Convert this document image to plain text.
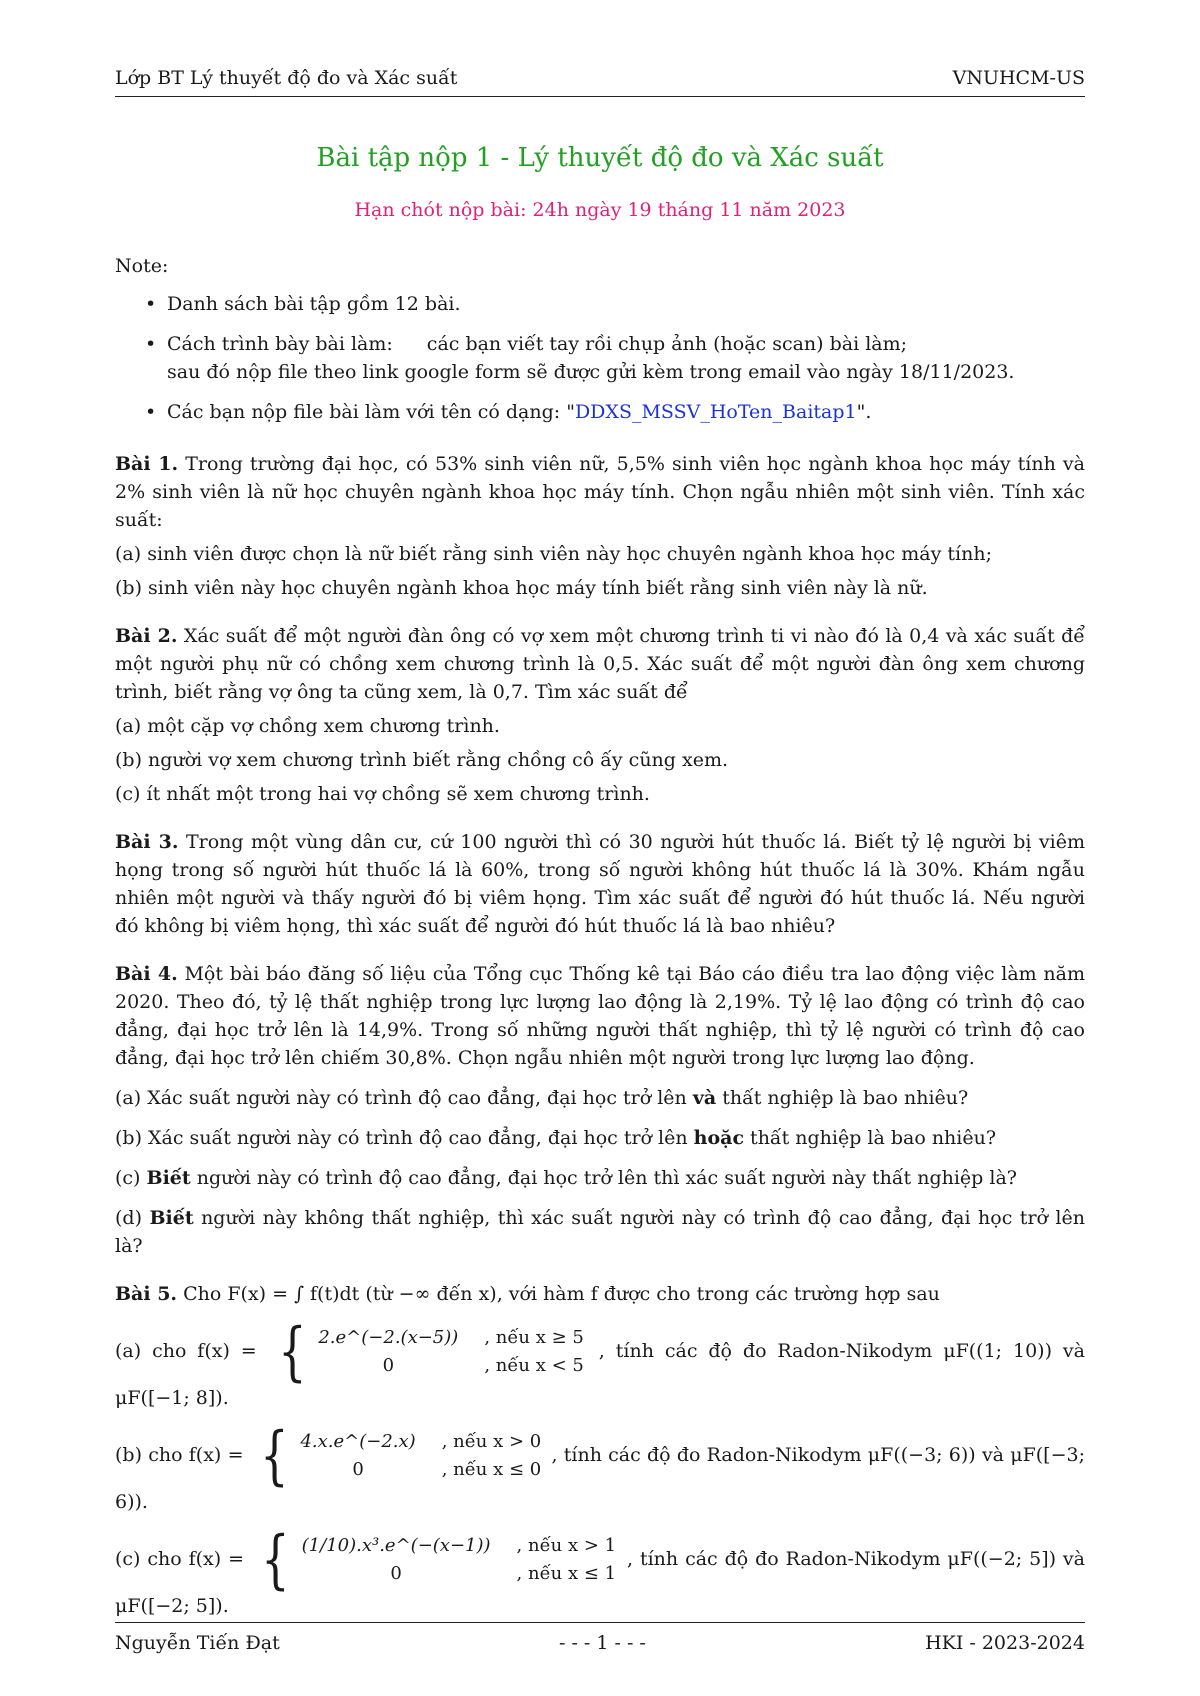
Lớp BT Lý thuyết độ đo và Xác suất	VNUHCM-US
Bài tập nộp 1 - Lý thuyết độ đo và Xác suất
Hạn chót nộp bài: 24h ngày 19 tháng 11 năm 2023
Note:
• Danh sách bài tập gồm 12 bài.
• Cách trình bày bài làm: các bạn viết tay rồi chụp ảnh (hoặc scan) bài làm;
sau đó nộp file theo link google form sẽ được gửi kèm trong email vào ngày 18/11/2023.
• Các bạn nộp file bài làm với tên có dạng: "DDXS_MSSV_HoTen_Baitap1".
Bài 1. Trong trường đại học, có 53% sinh viên nữ, 5,5% sinh viên học ngành khoa học máy tính và 2% sinh viên là nữ học chuyên ngành khoa học máy tính. Chọn ngẫu nhiên một sinh viên. Tính xác suất:
(a) sinh viên được chọn là nữ biết rằng sinh viên này học chuyên ngành khoa học máy tính;
(b) sinh viên này học chuyên ngành khoa học máy tính biết rằng sinh viên này là nữ.
Bài 2. Xác suất để một người đàn ông có vợ xem một chương trình ti vi nào đó là 0,4 và xác suất để một người phụ nữ có chồng xem chương trình là 0,5. Xác suất để một người đàn ông xem chương trình, biết rằng vợ ông ta cũng xem, là 0,7. Tìm xác suất để
(a) một cặp vợ chồng xem chương trình.
(b) người vợ xem chương trình biết rằng chồng cô ấy cũng xem.
(c) ít nhất một trong hai vợ chồng sẽ xem chương trình.
Bài 3. Trong một vùng dân cư, cứ 100 người thì có 30 người hút thuốc lá. Biết tỷ lệ người bị viêm họng trong số người hút thuốc lá là 60%, trong số người không hút thuốc lá là 30%. Khám ngẫu nhiên một người và thấy người đó bị viêm họng. Tìm xác suất để người đó hút thuốc lá. Nếu người đó không bị viêm họng, thì xác suất để người đó hút thuốc lá là bao nhiêu?
Bài 4. Một bài báo đăng số liệu của Tổng cục Thống kê tại Báo cáo điều tra lao động việc làm năm 2020. Theo đó, tỷ lệ thất nghiệp trong lực lượng lao động là 2,19%. Tỷ lệ lao động có trình độ cao đẳng, đại học trở lên là 14,9%. Trong số những người thất nghiệp, thì tỷ lệ người có trình độ cao đẳng, đại học trở lên chiếm 30,8%. Chọn ngẫu nhiên một người trong lực lượng lao động.
(a) Xác suất người này có trình độ cao đẳng, đại học trở lên và thất nghiệp là bao nhiêu?
(b) Xác suất người này có trình độ cao đẳng, đại học trở lên hoặc thất nghiệp là bao nhiêu?
(c) Biết người này có trình độ cao đẳng, đại học trở lên thì xác suất người này thất nghiệp là?
(d) Biết người này không thất nghiệp, thì xác suất người này có trình độ cao đẳng, đại học trở lên là?
Bài 5. Cho F(x) = ∫ f(t)dt (từ −∞ đến x), với hàm f được cho trong các trường hợp sau
(a) cho f(x) = { 2.e^(−2.(x−5)) , nếu x ≥ 5
0	, nếu x < 5
, tính các độ đo Radon-Nikodym μF((1; 10)) và μF([−1; 8]).
(b) cho f(x) = { 4.x.e^(−2.x) , nếu x > 0
0	, nếu x ≤ 0
, tính các độ đo Radon-Nikodym μF((−3; 6)) và μF([−3; 6)).
(c) cho f(x) = { (1/10).x³.e^(−(x−1)) , nếu x > 1
0	, nếu x ≤ 1
, tính các độ đo Radon-Nikodym μF((−2; 5]) và μF([−2; 5]).
Nguyễn Tiến Đạt	- - - 1 - - -	HKI - 2023-2024
